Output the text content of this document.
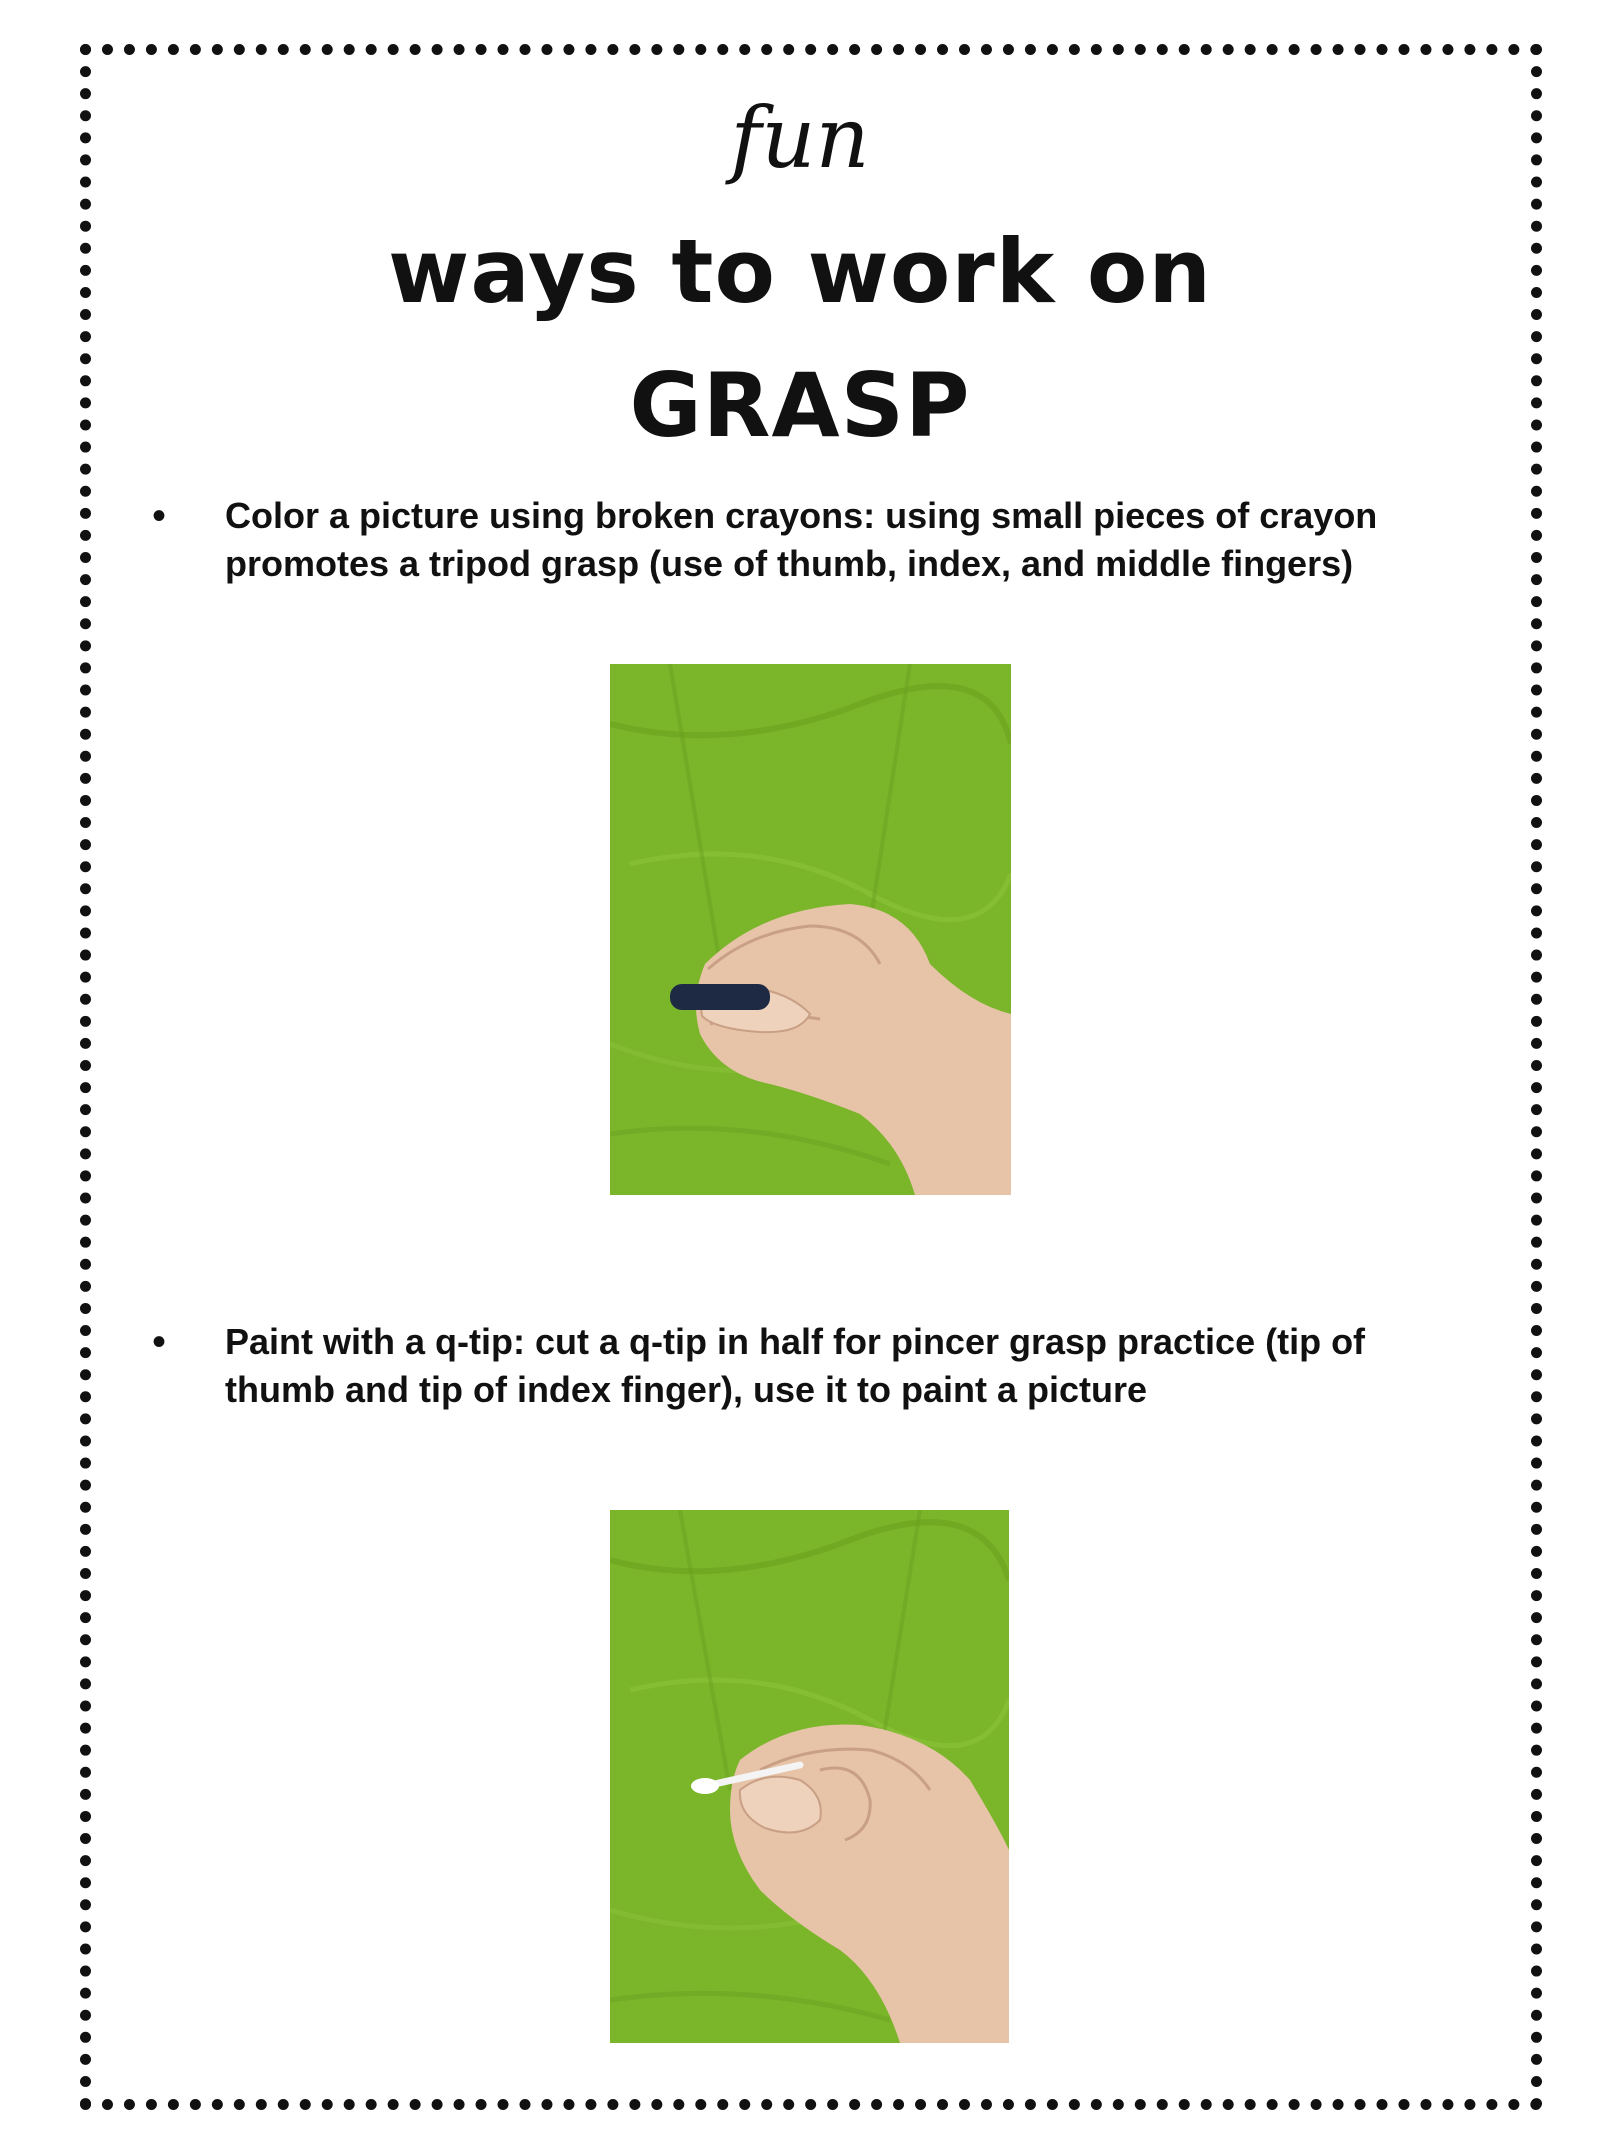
fun
ways to work on
GRASP
• Color a picture using broken crayons: using small pieces of crayon promotes a tripod grasp (use of thumb, index, and middle fingers)
• Paint with a q-tip: cut a q-tip in half for pincer grasp practice (tip of thumb and tip of index finger), use it to paint a picture
